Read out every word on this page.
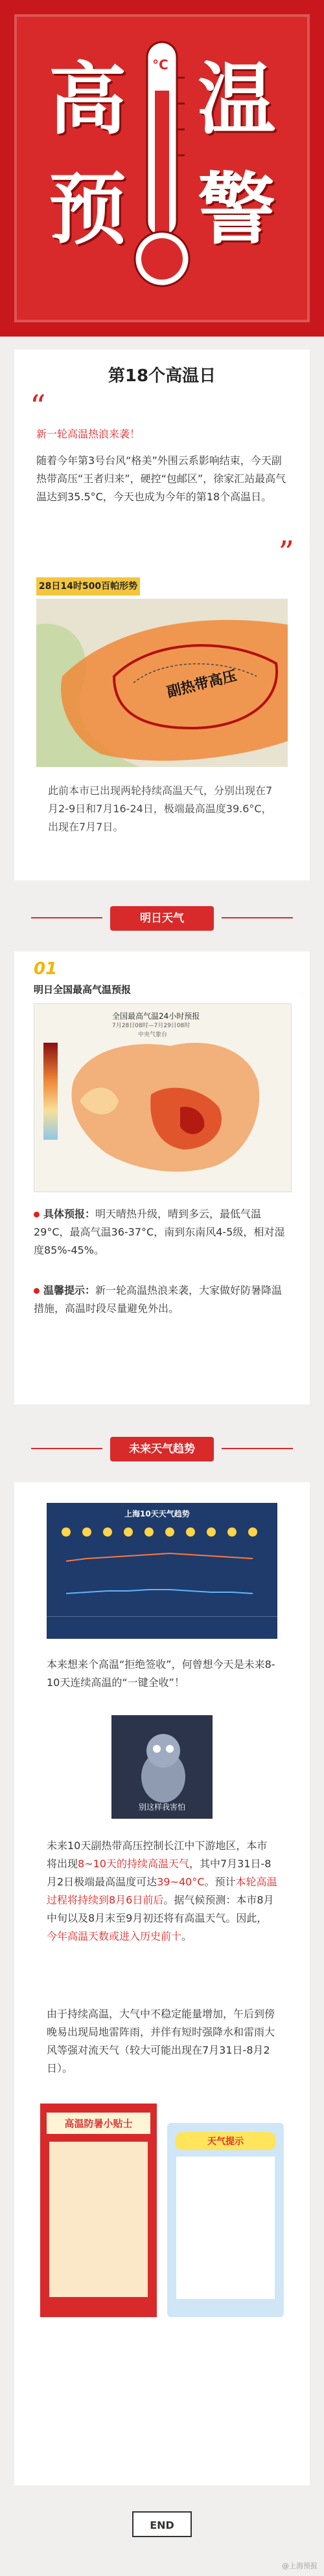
高 温
预 警
°C
第18个高温日
“
新一轮高温热浪来袭！
随着今年第3号台风“格美”外围云系影响结束，今天副热带高压“王者归来”，硬控“包邮区”，徐家汇站最高气温达到35.5°C，今天也成为今年的第18个高温日。
”
28日14时500百帕形势
副热带高压
此前本市已出现两轮持续高温天气，分别出现在7月2-9日和7月16-24日，极端最高温度39.6°C，出现在7月7日。
明日天气
01
明日全国最高气温预报
全国最高气温24小时预报
7月28日08时—7月29日08时
中央气象台
具体预报：明天晴热升级，晴到多云，最低气温29°C，最高气温36-37°C，南到东南风4-5级，相对湿度85%-45%。
温馨提示：新一轮高温热浪来袭，大家做好防暑降温措施，高温时段尽量避免外出。
未来天气趋势
上海10天天气趋势
本来想来个高温“拒绝签收”，何曾想今天是未来8-10天连续高温的“一键全收”！
别这样我害怕
未来10天副热带高压控制长江中下游地区，本市将出现8~10天的持续高温天气，其中7月31日-8月2日极端最高温度可达39~40°C。预计本轮高温过程将持续到8月6日前后。据气候预测：本市8月中旬以及8月末至9月初还将有高温天气。因此，今年高温天数或进入历史前十。
由于持续高温，大气中不稳定能量增加，午后到傍晚易出现局地雷阵雨，并伴有短时强降水和雷雨大风等强对流天气（较大可能出现在7月31日-8月2日）。
高温防暑小贴士
天气提示
END
@上海预报
